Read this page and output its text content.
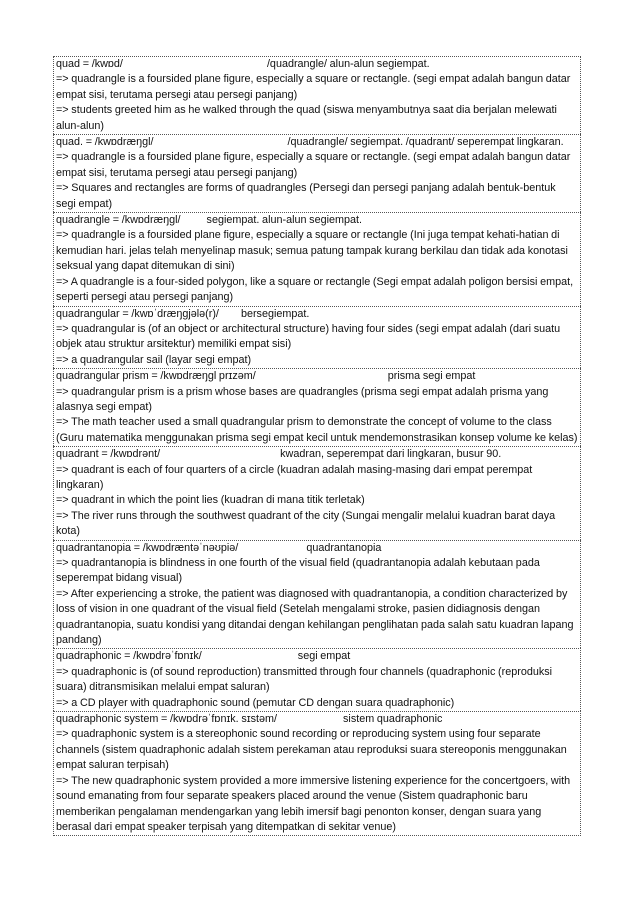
quad = /kwɒd/	/quadrangle/ alun-alun segiempat.
=> quadrangle is a foursided plane figure, especially a square or rectangle. (segi empat adalah bangun datar empat sisi, terutama persegi atau persegi panjang)
=> students greeted him as he walked through the quad (siswa menyambutnya saat dia berjalan melewati alun-alun)
quad. = /kwɒdræŋɡl/	/quadrangle/ segiempat. /quadrant/ seperempat lingkaran.
=> quadrangle is a foursided plane figure, especially a square or rectangle. (segi empat adalah bangun datar empat sisi, terutama persegi atau persegi panjang)
=> Squares and rectangles are forms of quadrangles (Persegi dan persegi panjang adalah bentuk-bentuk segi empat)
quadrangle = /kwɒdræŋɡl/ segiempat. alun-alun segiempat.
=> quadrangle is a foursided plane figure, especially a square or rectangle (Ini juga tempat kehati-hatian di kemudian hari. jelas telah menyelinap masuk; semua patung tampak kurang berkilau dan tidak ada konotasi seksual yang dapat ditemukan di sini)
=> A quadrangle is a four-sided polygon, like a square or rectangle (Segi empat adalah poligon bersisi empat, seperti persegi atau persegi panjang)
quadrangular = /kwɒˈdræŋɡjələ(r)/ bersegiempat.
=> quadrangular is (of an object or architectural structure) having four sides (segi empat adalah (dari suatu objek atau struktur arsitektur) memiliki empat sisi)
=> a quadrangular sail (layar segi empat)
quadrangular prism = /kwɒdræŋɡl prɪzəm/	prisma segi empat
=> quadrangular prism is a prism whose bases are quadrangles (prisma segi empat adalah prisma yang alasnya segi empat)
=> The math teacher used a small quadrangular prism to demonstrate the concept of volume to the class (Guru matematika menggunakan prisma segi empat kecil untuk mendemonstrasikan konsep volume ke kelas)
quadrant = /kwɒdrənt/	kwadran, seperempat dari lingkaran, busur 90.
=> quadrant is each of four quarters of a circle (kuadran adalah masing-masing dari empat perempat lingkaran)
=> quadrant in which the point lies (kuadran di mana titik terletak)
=> The river runs through the southwest quadrant of the city (Sungai mengalir melalui kuadran barat daya kota)
quadrantanopia = /kwɒdræntəˈnəʊpiə/	quadrantanopia
=> quadrantanopia is blindness in one fourth of the visual field (quadrantanopia adalah kebutaan pada seperempat bidang visual)
=> After experiencing a stroke, the patient was diagnosed with quadrantanopia, a condition characterized by loss of vision in one quadrant of the visual field (Setelah mengalami stroke, pasien didiagnosis dengan quadrantanopia, suatu kondisi yang ditandai dengan kehilangan penglihatan pada salah satu kuadran lapang pandang)
quadraphonic = /kwɒdrəˈfɒnɪk/	segi empat
=> quadraphonic is (of sound reproduction) transmitted through four channels (quadraphonic (reproduksi suara) ditransmisikan melalui empat saluran)
=> a CD player with quadraphonic sound (pemutar CD dengan suara quadraphonic)
quadraphonic system = /kwɒdrəˈfɒnɪk. sɪstəm/	sistem quadraphonic
=> quadraphonic system is a stereophonic sound recording or reproducing system using four separate channels (sistem quadraphonic adalah sistem perekaman atau reproduksi suara stereoponis menggunakan empat saluran terpisah)
=> The new quadraphonic system provided a more immersive listening experience for the concertgoers, with sound emanating from four separate speakers placed around the venue (Sistem quadraphonic baru memberikan pengalaman mendengarkan yang lebih imersif bagi penonton konser, dengan suara yang berasal dari empat speaker terpisah yang ditempatkan di sekitar venue)
